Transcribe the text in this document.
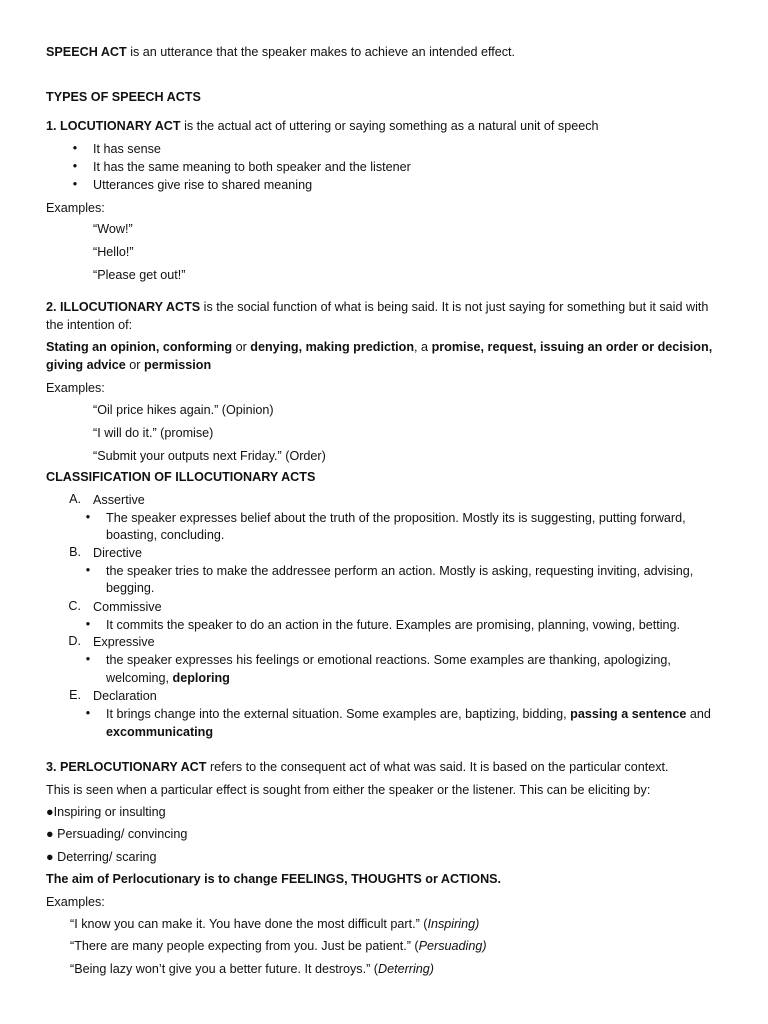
SPEECH ACT is an utterance that the speaker makes to achieve an intended effect.
TYPES OF SPEECH ACTS
1. LOCUTIONARY ACT is the actual act of uttering or saying something as a natural unit of speech
• It has sense
• It has the same meaning to both speaker and the listener
• Utterances give rise to shared meaning
Examples:
“Wow!”
“Hello!”
“Please get out!”
2. ILLOCUTIONARY ACTS is the social function of what is being said. It is not just saying for something but it said with
the intention of:
Stating an opinion, conforming or denying, making prediction, a promise, request, issuing an order or decision,
giving advice or permission
Examples:
“Oil price hikes again.” (Opinion)
“I will do it.” (promise)
“Submit your outputs next Friday.” (Order)
CLASSIFICATION OF ILLOCUTIONARY ACTS
A. Assertive
• The speaker expresses belief about the truth of the proposition. Mostly its is suggesting, putting forward,
boasting, concluding.
B. Directive
• the speaker tries to make the addressee perform an action. Mostly is asking, requesting inviting, advising,
begging.
C. Commissive
• It commits the speaker to do an action in the future. Examples are promising, planning, vowing, betting.
D. Expressive
• the speaker expresses his feelings or emotional reactions. Some examples are thanking, apologizing,
welcoming, deploring
E. Declaration
• It brings change into the external situation. Some examples are, baptizing, bidding, passing a sentence and
excommunicating
3. PERLOCUTIONARY ACT refers to the consequent act of what was said. It is based on the particular context.
This is seen when a particular effect is sought from either the speaker or the listener. This can be eliciting by:
●Inspiring or insulting
● Persuading/ convincing
● Deterring/ scaring
The aim of Perlocutionary is to change FEELINGS, THOUGHTS or ACTIONS.
Examples:
“I know you can make it. You have done the most difficult part.” (Inspiring)
“There are many people expecting from you. Just be patient.” (Persuading)
“Being lazy won’t give you a better future. It destroys.” (Deterring)
